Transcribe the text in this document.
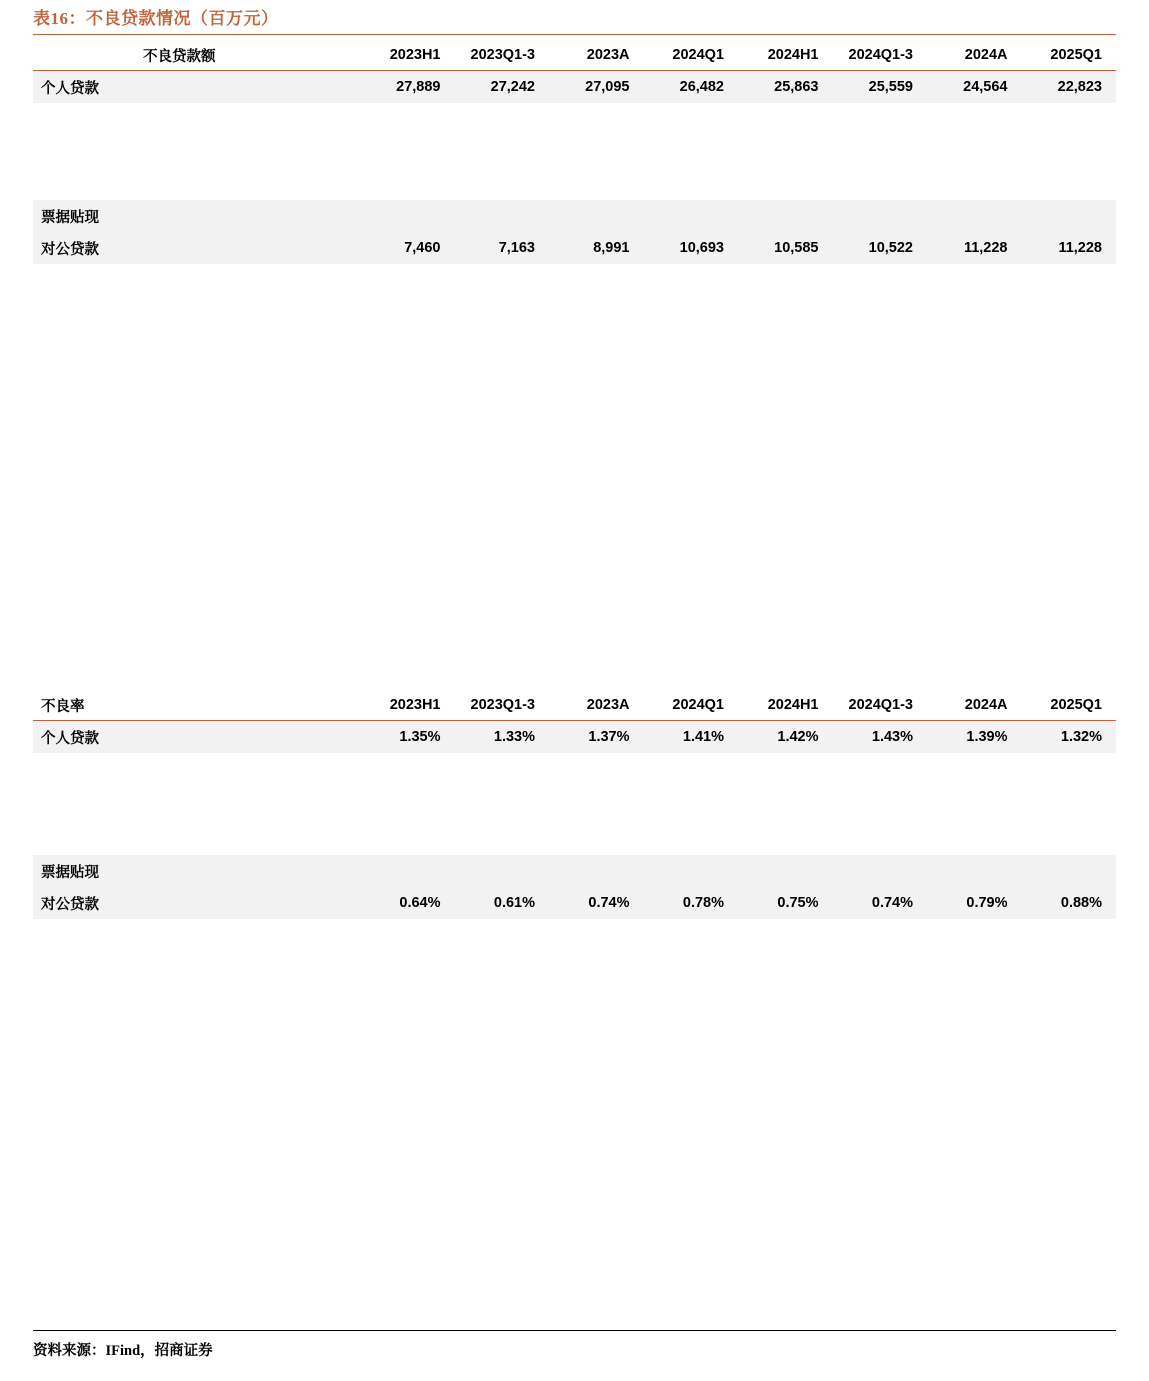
表16：不良贷款情况（百万元）
不良贷款额	2023H1	2023Q1-3	2023A	2024Q1	2024H1	2024Q1-3	2024A	2025Q1
个人贷款	27,889	27,242	27,095	26,482	25,863	25,559	24,564	22,823
票据贴现								
对公贷款	7,460	7,163	8,991	10,693	10,585	10,522	11,228	11,228
不良率	2023H1	2023Q1-3	2023A	2024Q1	2024H1	2024Q1-3	2024A	2025Q1
个人贷款	1.35%	1.33%	1.37%	1.41%	1.42%	1.43%	1.39%	1.32%
票据贴现								
对公贷款	0.64%	0.61%	0.74%	0.78%	0.75%	0.74%	0.79%	0.88%
资料来源：IFind，招商证券
